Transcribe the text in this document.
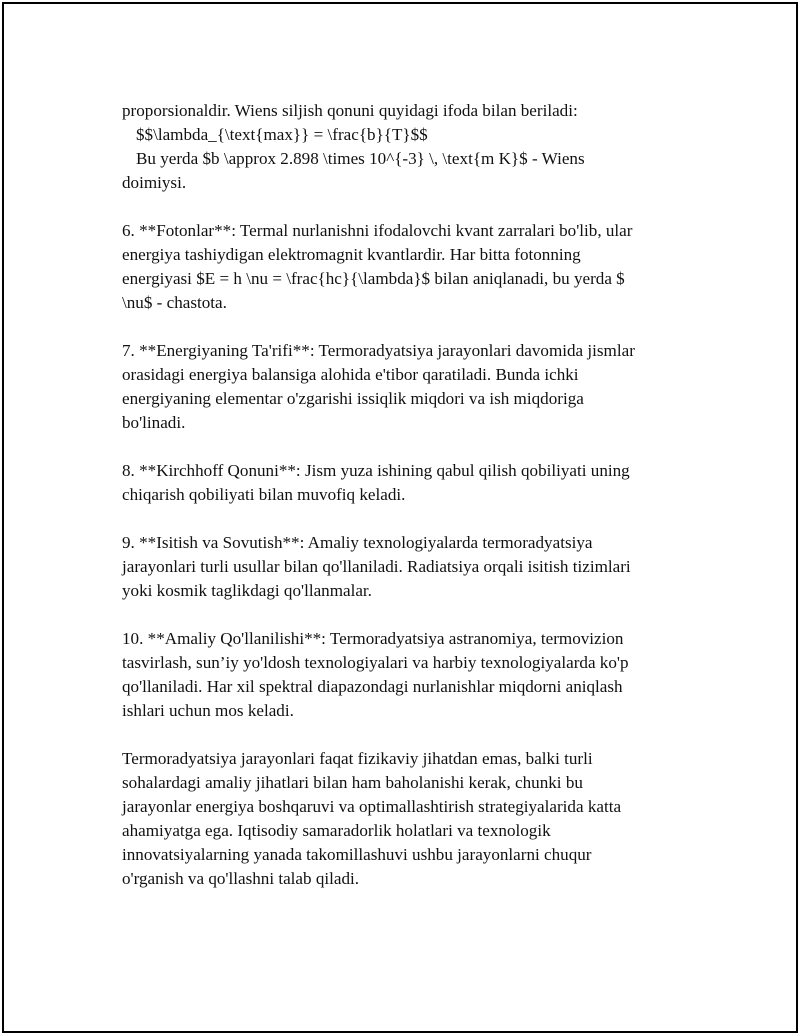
proporsionaldir. Wiens siljish qonuni quyidagi ifoda bilan beriladi:
$$\lambda_{\text{max}} = \frac{b}{T}$$
Bu yerda $b \approx 2.898 \times 10^{-3} \, \text{m K}$ - Wiens
doimiysi.
6. **Fotonlar**: Termal nurlanishni ifodalovchi kvant zarralari bo'lib, ular
energiya tashiydigan elektromagnit kvantlardir. Har bitta fotonning
energiyasi $E = h \nu = \frac{hc}{\lambda}$ bilan aniqlanadi, bu yerda $
\nu$ - chastota.
7. **Energiyaning Ta'rifi**: Termoradyatsiya jarayonlari davomida jismlar
orasidagi energiya balansiga alohida e'tibor qaratiladi. Bunda ichki
energiyaning elementar o'zgarishi issiqlik miqdori va ish miqdoriga
bo'linadi.
8. **Kirchhoff Qonuni**: Jism yuza ishining qabul qilish qobiliyati uning
chiqarish qobiliyati bilan muvofiq keladi.
9. **Isitish va Sovutish**: Amaliy texnologiyalarda termoradyatsiya
jarayonlari turli usullar bilan qo'llaniladi. Radiatsiya orqali isitish tizimlari
yoki kosmik taglikdagi qo'llanmalar.
10. **Amaliy Qo'llanilishi**: Termoradyatsiya astranomiya, termovizion
tasvirlash, sun’iy yo'ldosh texnologiyalari va harbiy texnologiyalarda ko'p
qo'llaniladi. Har xil spektral diapazondagi nurlanishlar miqdorni aniqlash
ishlari uchun mos keladi.
Termoradyatsiya jarayonlari faqat fizikaviy jihatdan emas, balki turli
sohalardagi amaliy jihatlari bilan ham baholanishi kerak, chunki bu
jarayonlar energiya boshqaruvi va optimallashtirish strategiyalarida katta
ahamiyatga ega. Iqtisodiy samaradorlik holatlari va texnologik
innovatsiyalarning yanada takomillashuvi ushbu jarayonlarni chuqur
o'rganish va qo'llashni talab qiladi.
